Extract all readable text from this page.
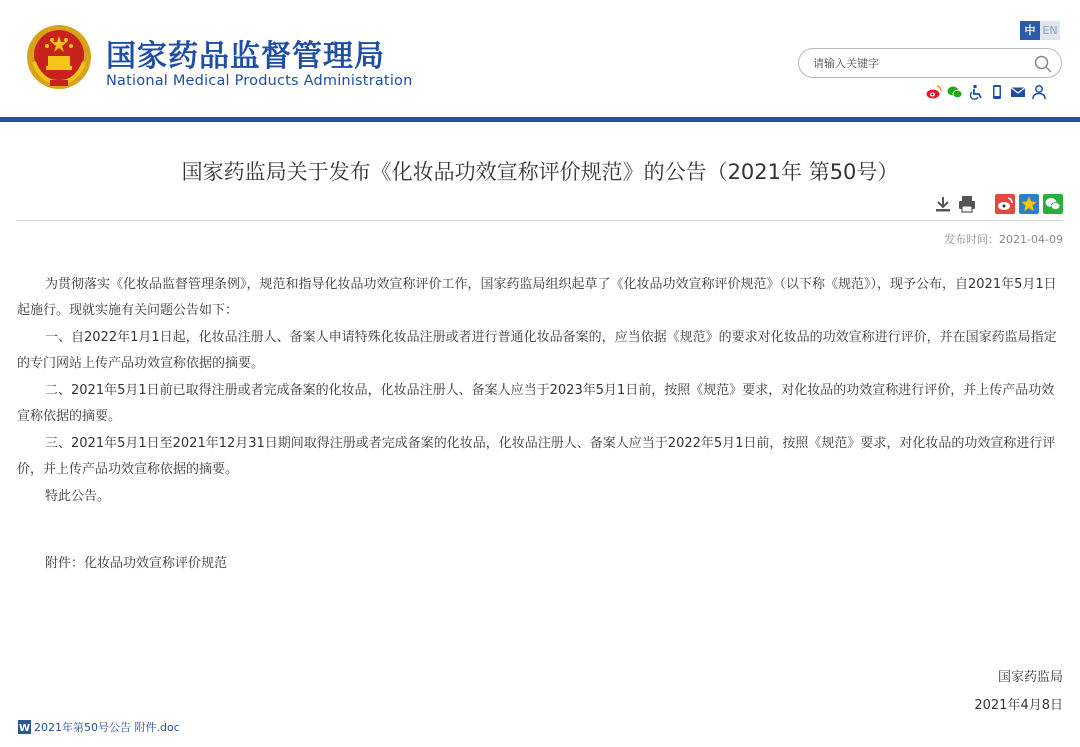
国家药品监督管理局
National Medical Products Administration
中 EN
请输入关键字
国家药监局关于发布《化妆品功效宣称评价规范》的公告（2021年 第50号）
发布时间：2021-04-09

为贯彻落实《化妆品监督管理条例》，规范和指导化妆品功效宣称评价工作，国家药监局组织起草了《化妆品功效宣称评价规范》（以下称《规范》），现予公布，自2021年5月1日起施行。现就实施有关问题公告如下：

一、自2022年1月1日起，化妆品注册人、备案人申请特殊化妆品注册或者进行普通化妆品备案的，应当依据《规范》的要求对化妆品的功效宣称进行评价，并在国家药监局指定的专门网站上传产品功效宣称依据的摘要。

二、2021年5月1日前已取得注册或者完成备案的化妆品，化妆品注册人、备案人应当于2023年5月1日前，按照《规范》要求，对化妆品的功效宣称进行评价，并上传产品功效宣称依据的摘要。

三、2021年5月1日至2021年12月31日期间取得注册或者完成备案的化妆品，化妆品注册人、备案人应当于2022年5月1日前，按照《规范》要求，对化妆品的功效宣称进行评价，并上传产品功效宣称依据的摘要。

特此公告。

附件：化妆品功效宣称评价规范
国家药监局
2021年4月8日
W 2021年第50号公告 附件.doc
